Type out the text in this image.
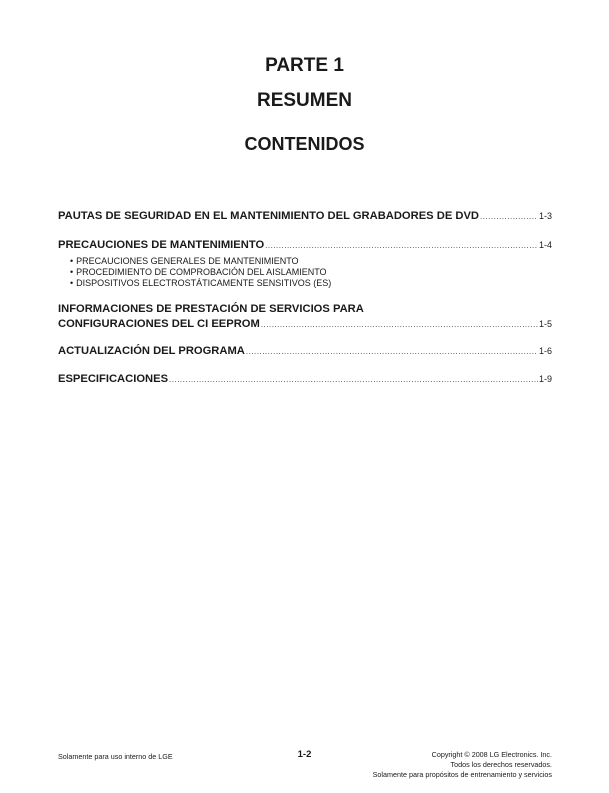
PARTE 1
RESUMEN
CONTENIDOS
PAUTAS DE SEGURIDAD EN EL MANTENIMIENTO DEL GRABADORES DE DVD .....	1-3
PRECAUCIONES DE MANTENIMIENTO .....	1-4
• PRECAUCIONES GENERALES DE MANTENIMIENTO
• PROCEDIMIENTO DE COMPROBACIÓN DEL AISLAMIENTO
• DISPOSITIVOS ELECTROSTÁTICAMENTE SENSITIVOS (ES)
INFORMACIONES DE PRESTACIÓN DE SERVICIOS PARA
CONFIGURACIONES DEL CI EEPROM .....	1-5
ACTUALIZACIÓN DEL PROGRAMA .....	1-6
ESPECIFICACIONES .....	1-9
Solamente para uso interno de LGE	1-2	Copyright © 2008 LG Electronics. Inc.
Todos los derechos reservados.
Solamente para propósitos de entrenamiento y servicios
